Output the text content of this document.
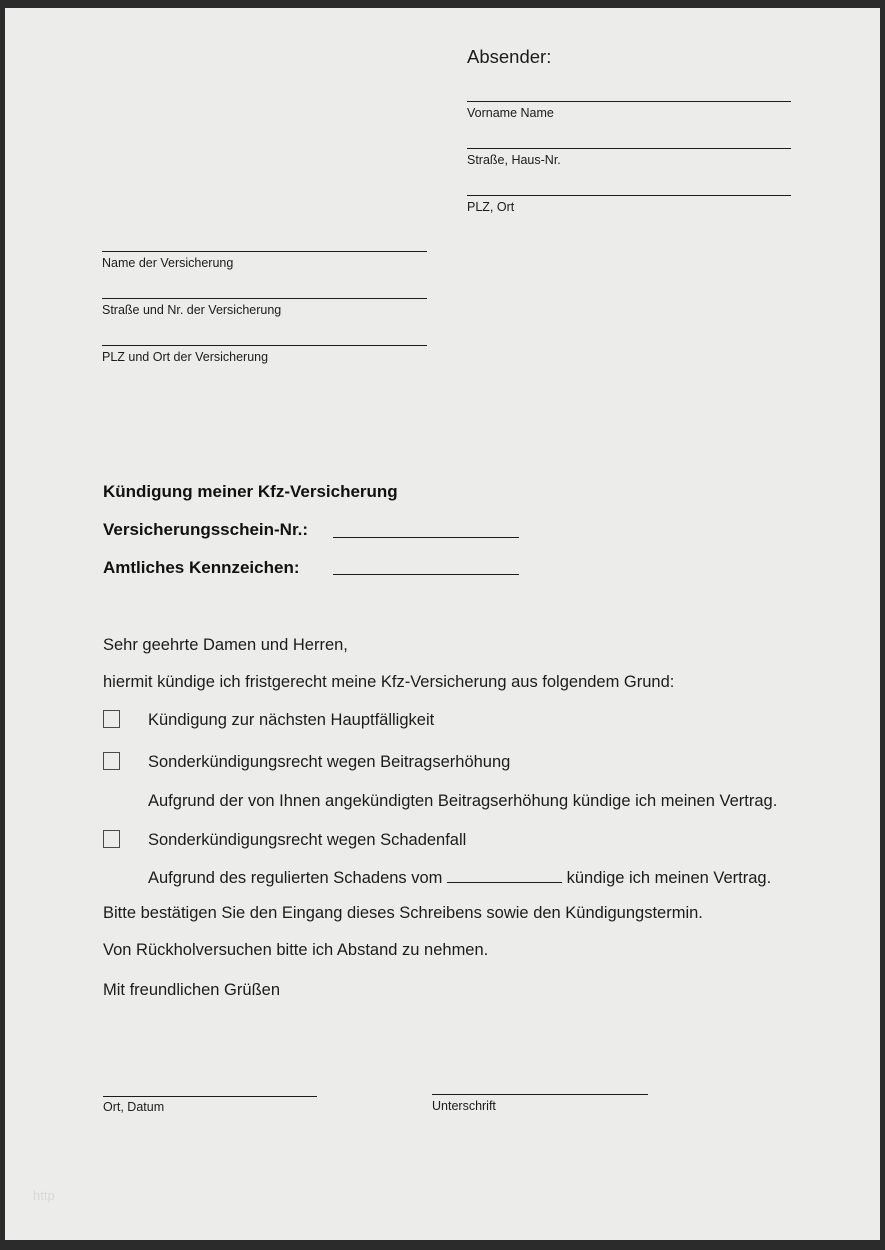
Absender:
Vorname Name
Straße, Haus-Nr.
PLZ, Ort
Name der Versicherung
Straße und Nr. der Versicherung
PLZ und Ort der Versicherung
Kündigung meiner Kfz-Versicherung
Versicherungsschein-Nr.:
Amtliches Kennzeichen:
Sehr geehrte Damen und Herren,
hiermit kündige ich fristgerecht meine Kfz-Versicherung aus folgendem Grund:
Kündigung zur nächsten Hauptfälligkeit
Sonderkündigungsrecht wegen Beitragserhöhung
Aufgrund der von Ihnen angekündigten Beitragserhöhung kündige ich meinen Vertrag.
Sonderkündigungsrecht wegen Schadenfall
Aufgrund des regulierten Schadens vom	kündige ich meinen Vertrag.
Bitte bestätigen Sie den Eingang dieses Schreibens sowie den Kündigungstermin.
Von Rückholversuchen bitte ich Abstand zu nehmen.
Mit freundlichen Grüßen
Ort, Datum	Unterschrift
http
